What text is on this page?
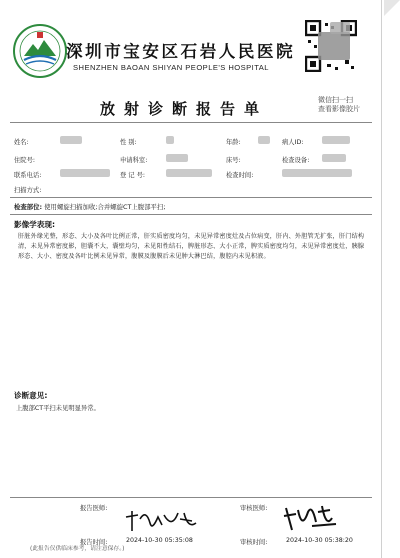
深圳市宝安区石岩人民医院
SHENZHEN BAOAN SHIYAN PEOPLE'S HOSPITAL
放射诊断报告单	微信扫一扫
查看影像胶片
姓名:	性 别:	年龄:	病人ID:
住院号:	申请科室:	床号:	检查设备:
联系电话:	登 记 号:	检查时间:
扫描方式:
检查部位: 使用螺旋扫描加收;合并螺旋CT上腹部平扫;
影像学表现:
肝脏外缘光整，形态、大小及各叶比例正常，肝实质密度均匀，未见异常密度灶及占位病变，肝内、外胆管无扩张，肝门结构清，未见异常密度影，胆囊不大，囊壁均匀，未见阳性结石，脾脏形态、大小正常，脾实质密度均匀，未见异常密度灶，胰腺形态、大小、密度及各叶比例未见异常，腹膜及腹膜后未见肿大淋巴结，腹腔内未见积液。
诊断意见:
上腹部CT平扫未见明显异常。
报告医师:	审核医师:
报告时间:	2024-10-30 05:35:08	审核时间:	2024-10-30 05:38:20
(此报告仅供临床参考，请注意保存。)
